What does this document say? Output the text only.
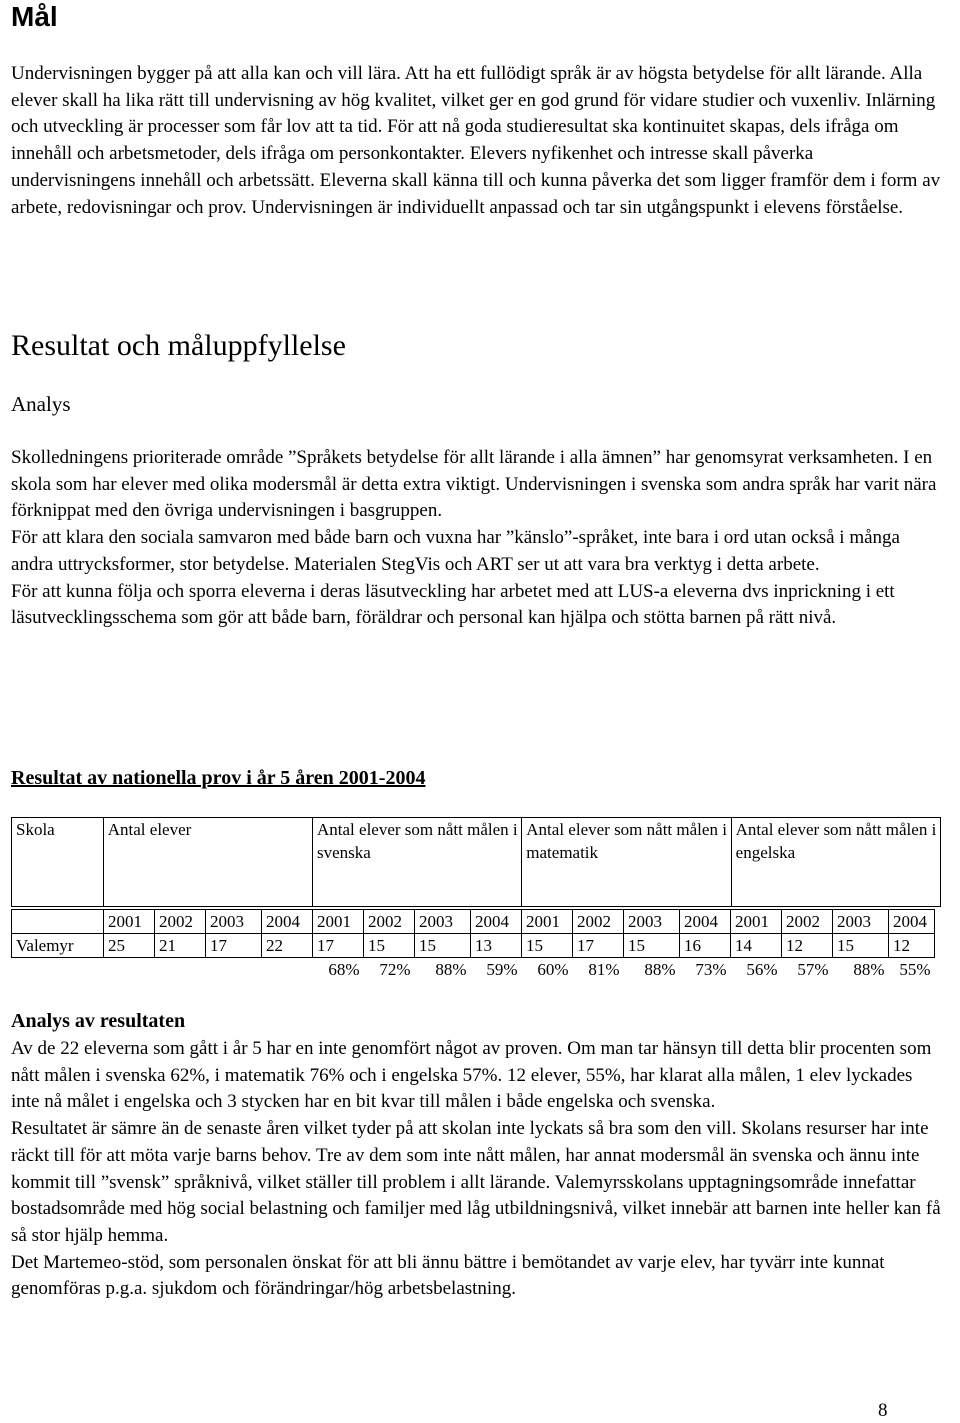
Mål

Undervisningen bygger på att alla kan och vill lära. Att ha ett fullödigt språk är av högsta betydelse för allt lärande. Alla elever skall ha lika rätt till undervisning av hög kvalitet, vilket ger en god grund för vidare studier och vuxenliv. Inlärning och utveckling är processer som får lov att ta tid. För att nå goda studieresultat ska kontinuitet skapas, dels ifråga om innehåll och arbetsmetoder, dels ifråga om personkontakter. Elevers nyfikenhet och intresse skall påverka undervisningens innehåll och arbetssätt. Eleverna skall känna till och kunna påverka det som ligger framför dem i form av arbete, redovisningar och prov. Undervisningen är individuellt anpassad och tar sin utgångspunkt i elevens förståelse.

Resultat och måluppfyllelse
Analys
Skolledningens prioriterade område ”Språkets betydelse för allt lärande i alla ämnen” har genomsyrat verksamheten. I en skola som har elever med olika modersmål är detta extra viktigt. Undervisningen i svenska som andra språk har varit nära förknippat med den övriga undervisningen i basgruppen.
För att klara den sociala samvaron med både barn och vuxna har ”känslo”-språket, inte bara i ord utan också i många andra uttrycksformer, stor betydelse. Materialen StegVis och ART ser ut att vara bra verktyg i detta arbete.
För att kunna följa och sporra eleverna i deras läsutveckling har arbetet med att LUS-a eleverna dvs inprickning i ett läsutvecklingsschema som gör att både barn, föräldrar och personal kan hjälpa och stötta barnen på rätt nivå.

Resultat av nationella prov i år 5 åren 2001-2004

Skola	Antal elever	Antal elever som nått målen i svenska	Antal elever som nått målen i matematik	Antal elever som nått målen i engelska
	2001	2002	2003	2004	2001	2002	2003	2004	2001	2002	2003	2004	2001	2002	2003	2004
Valemyr	25	21	17	22	17	15	15	13	15	17	15	16	14	12	15	12
					68%	72%	88%	59%	60%	81%	88%	73%	56%	57%	88%	55%

Analys av resultaten

Av de 22 eleverna som gått i år 5 har en inte genomfört något av proven. Om man tar hänsyn till detta blir procenten som nått målen i svenska 62%, i matematik 76% och i engelska 57%. 12 elever, 55%, har klarat alla målen, 1 elev lyckades inte nå målet i engelska och 3 stycken har en bit kvar till målen i både engelska och svenska.
Resultatet är sämre än de senaste åren vilket tyder på att skolan inte lyckats så bra som den vill. Skolans resurser har inte räckt till för att möta varje barns behov. Tre av dem som inte nått målen, har annat modersmål än svenska och ännu inte kommit till ”svensk” språknivå, vilket ställer till problem i allt lärande. Valemyrsskolans upptagningsområde innefattar bostadsområde med hög social belastning och familjer med låg utbildningsnivå, vilket innebär att barnen inte heller kan få så stor hjälp hemma.
Det Martemeo-stöd, som personalen önskat för att bli ännu bättre i bemötandet av varje elev, har tyvärr inte kunnat genomföras p.g.a. sjukdom och förändringar/hög arbetsbelastning.
8
